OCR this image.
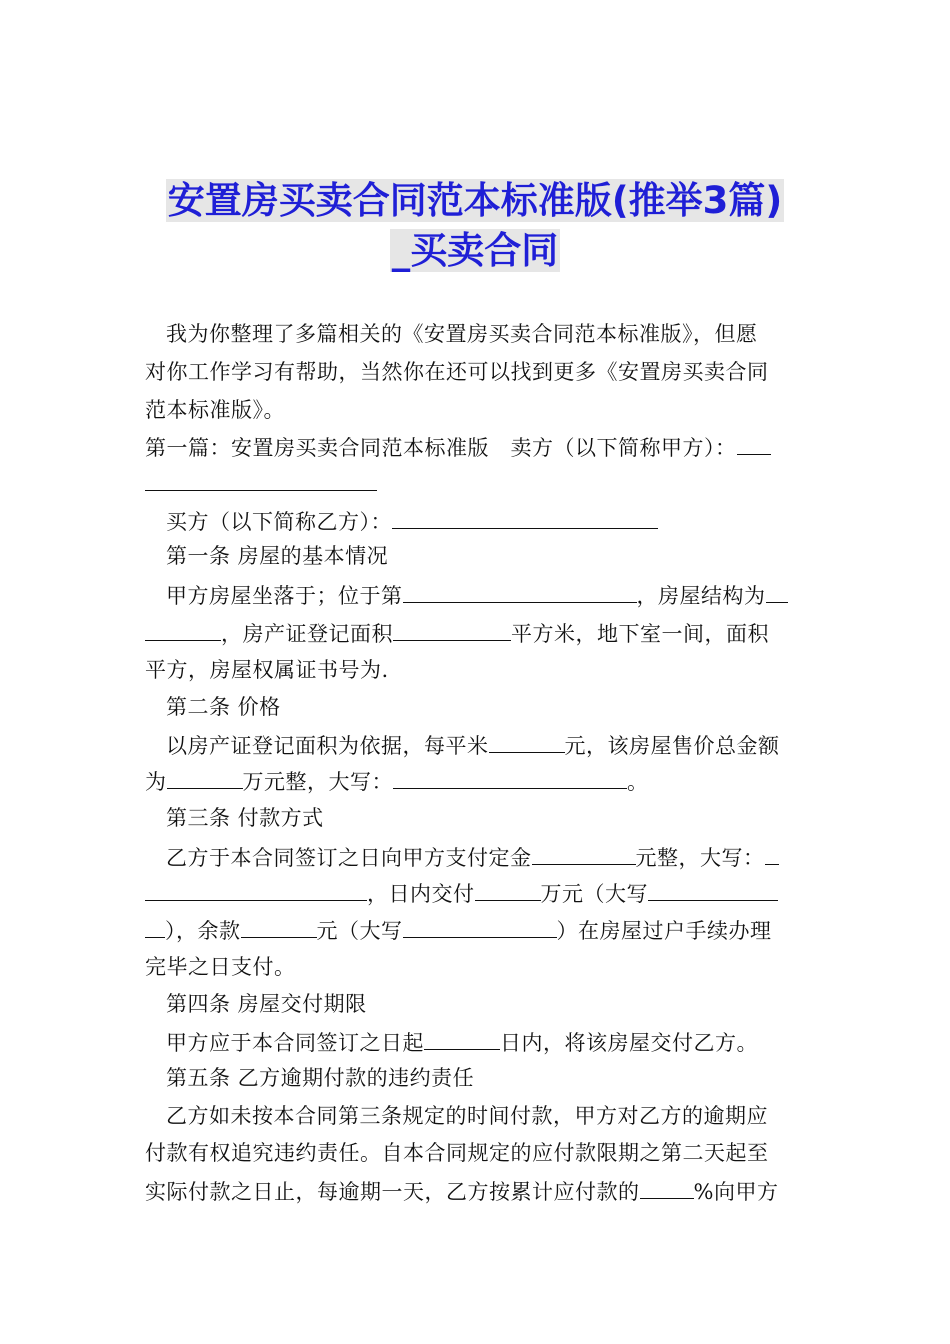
安置房买卖合同范本标准版(推举3篇)
_买卖合同
我为你整理了多篇相关的《安置房买卖合同范本标准版》，但愿
对你工作学习有帮助，当然你在还可以找到更多《安置房买卖合同
范本标准版》。
第一篇：安置房买卖合同范本标准版　卖方（以下简称甲方）：
买方（以下简称乙方）：
第一条 房屋的基本情况
甲方房屋坐落于；位于第	，房屋结构为
，房产证登记面积	平方米，地下室一间，面积
平方，房屋权属证书号为.
第二条 价格
以房产证登记面积为依据，每平米	元，该房屋售价总金额
为	万元整，大写：	。
第三条 付款方式
乙方于本合同签订之日向甲方支付定金	元整，大写：
，日内交付	万元（大写
），余款	元（大写	）在房屋过户手续办理
完毕之日支付。
第四条 房屋交付期限
甲方应于本合同签订之日起	日内，将该房屋交付乙方。
第五条 乙方逾期付款的违约责任
乙方如未按本合同第三条规定的时间付款，甲方对乙方的逾期应
付款有权追究违约责任。自本合同规定的应付款限期之第二天起至
实际付款之日止，每逾期一天，乙方按累计应付款的	%向甲方
